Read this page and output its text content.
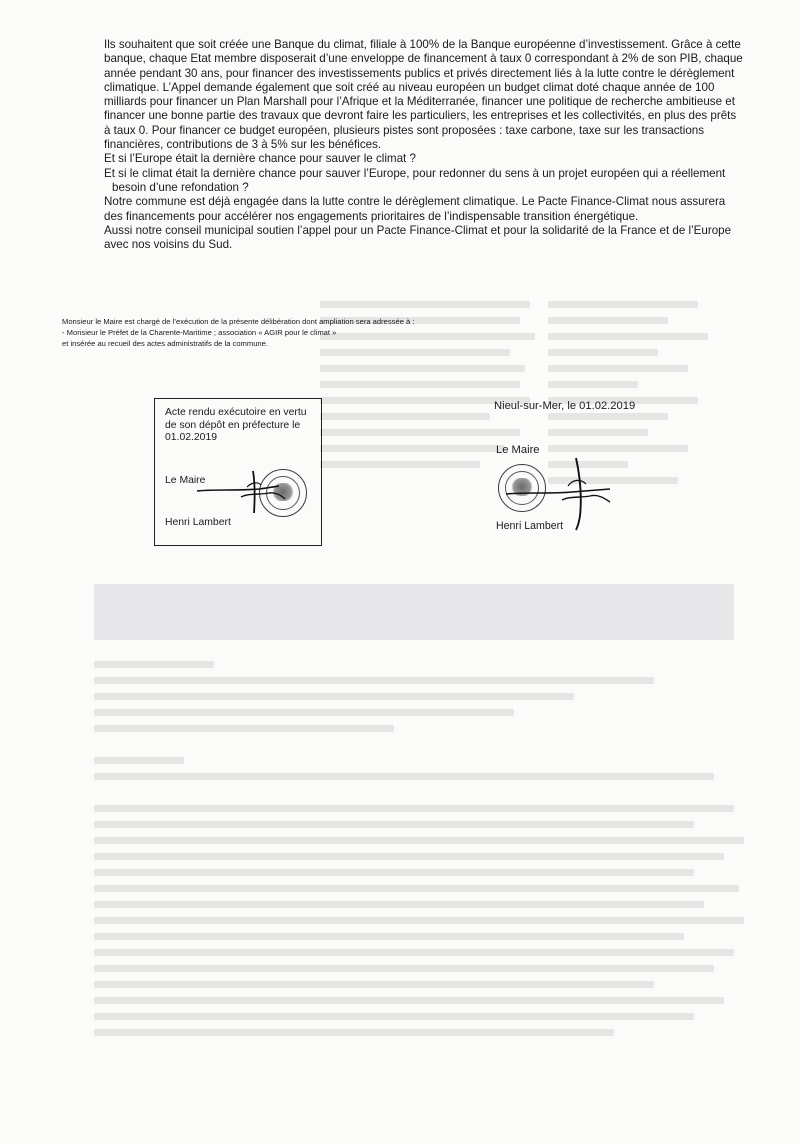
Ils souhaitent que soit créée une Banque du climat, filiale à 100% de la Banque européenne d’investissement. Grâce à cette banque, chaque Etat membre disposerait d’une enveloppe de financement à taux 0 correspondant à 2% de son PIB, chaque année pendant 30 ans, pour financer des investissements publics et privés directement liés à la lutte contre le dérèglement climatique. L’Appel demande également que soit créé au niveau européen un budget climat doté chaque année de 100 milliards pour financer un Plan Marshall pour l’Afrique et la Méditerranée, financer une politique de recherche ambitieuse et financer une bonne partie des travaux que devront faire les particuliers, les entreprises et les collectivités, en plus des prêts à taux 0. Pour financer ce budget européen, plusieurs pistes sont proposées : taxe carbone, taxe sur les transactions financières, contributions de 3 à 5% sur les bénéfices.

Et si l’Europe était la dernière chance pour sauver le climat ?

Et si le climat était la dernière chance pour sauver l’Europe, pour redonner du sens à un projet européen qui a réellement
besoin d’une refondation ?

Notre commune est déjà engagée dans la lutte contre le dérèglement climatique. Le Pacte Finance-Climat nous assurera des financements pour accélérer nos engagements prioritaires de l’indispensable transition énergétique.

Aussi notre conseil municipal soutien l’appel pour un Pacte Finance-Climat et pour la solidarité de la France et de l’Europe avec nos voisins du Sud.

Monsieur le Maire est chargé de l’exécution de la présente délibération dont ampliation sera adressée à :

- Monsieur le Préfet de la Charente-Maritime ; association « AGIR pour le climat »

et insérée au recueil des actes administratifs de la commune.

Acte rendu exécutoire en vertu de son dépôt en préfecture le 01.02.2019
Le Maire
Henri Lambert
Nieul-sur-Mer, le 01.02.2019
Le Maire
Henri Lambert
